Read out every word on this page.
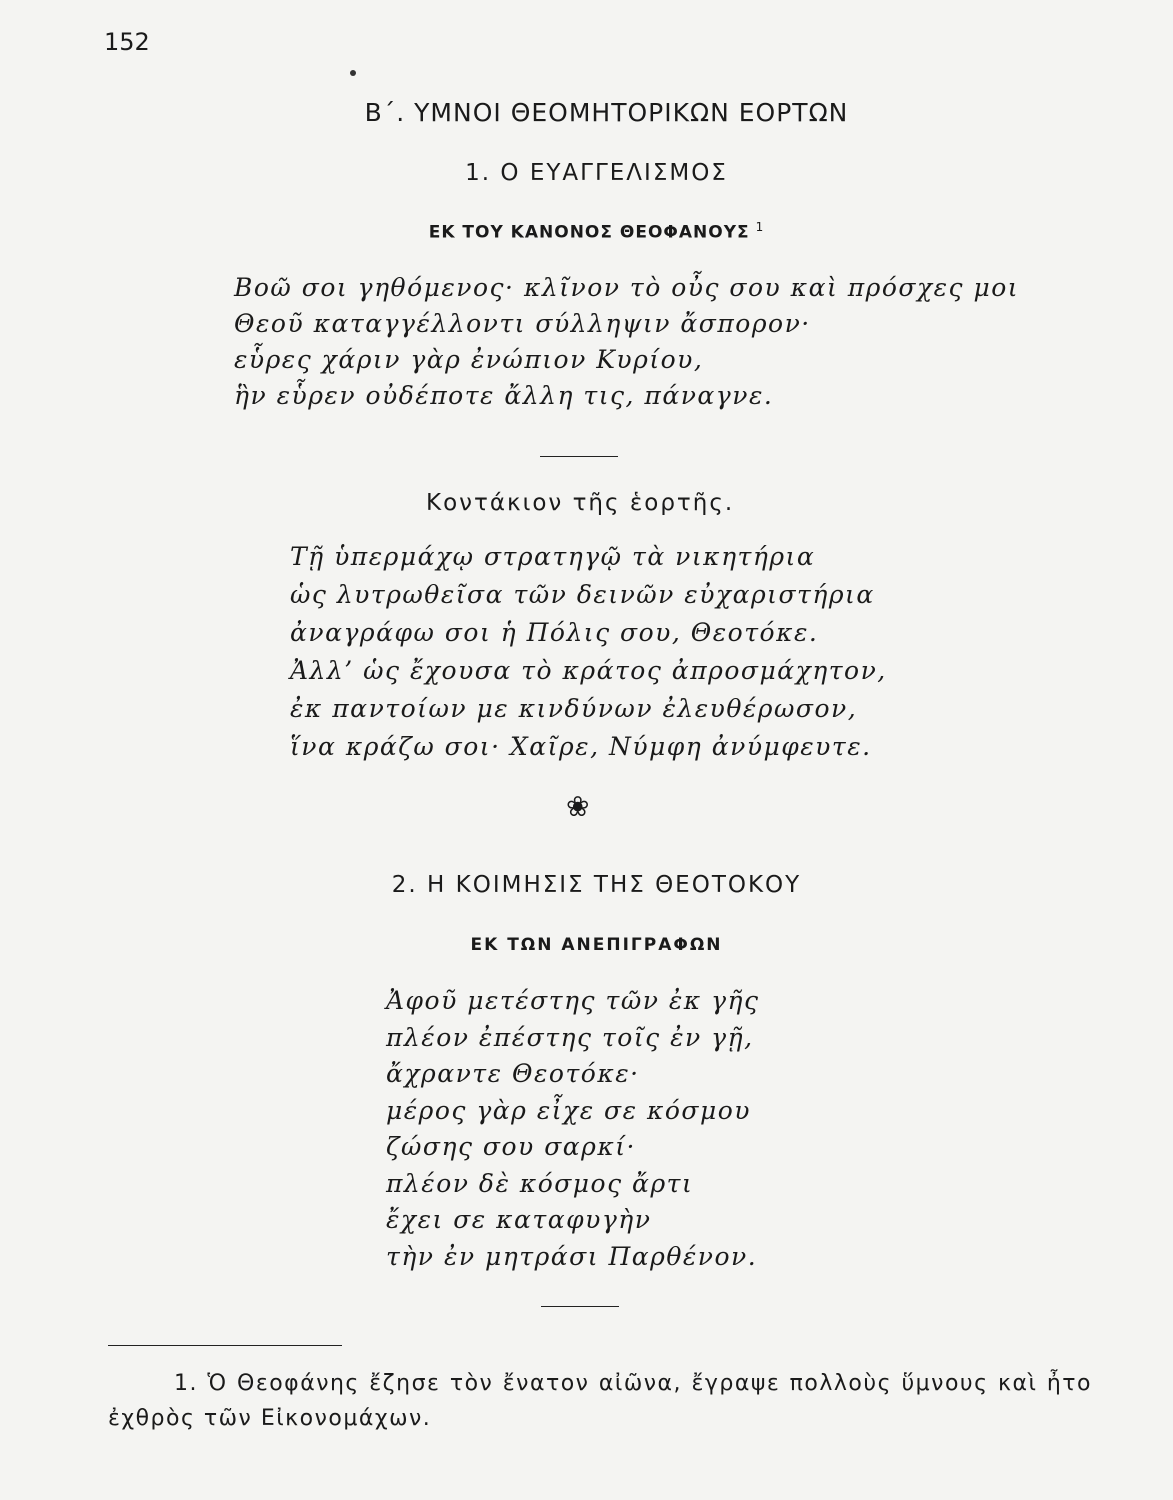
152
Β΄. ΥΜΝΟΙ ΘΕΟΜΗΤΟΡΙΚΩΝ ΕΟΡΤΩΝ
1. Ο ΕΥΑΓΓΕΛΙΣΜΟΣ
ΕΚ ΤΟΥ ΚΑΝΟΝΟΣ ΘΕΟΦΑΝΟΥΣ $^1$
Βοῶ σοι γηθόμενος· κλῖνον τὸ οὖς σου καὶ πρόσχες μοι
Θεοῦ καταγγέλλοντι σύλληψιν ἄσπορον·
εὗρες χάριν γὰρ ἐνώπιον Κυρίου,
ἣν εὗρεν οὐδέποτε ἄλλη τις, πάναγνε.
Κοντάκιον τῆς ἑορτῆς.
Τῇ ὑπερμάχῳ στρατηγῷ τὰ νικητήρια
ὡς λυτρωθεῖσα τῶν δεινῶν εὐχαριστήρια
ἀναγράφω σοι ἡ Πόλις σου, Θεοτόκε.
Ἀλλ’ ὡς ἔχουσα τὸ κράτος ἀπροσμάχητον,
ἐκ παντοίων με κινδύνων ἐλευθέρωσον,
ἵνα κράζω σοι· Χαῖρε, Νύμφη ἀνύμφευτε.
❀
2. Η ΚΟΙΜΗΣΙΣ ΤΗΣ ΘΕΟΤΟΚΟΥ
ΕΚ ΤΩΝ ΑΝΕΠΙΓΡΑΦΩΝ
Ἀφοῦ μετέστης τῶν ἐκ γῆς
πλέον ἐπέστης τοῖς ἐν γῇ,
ἄχραντε Θεοτόκε·
μέρος γὰρ εἶχε σε κόσμου
ζώσης σου σαρκί·
πλέον δὲ κόσμος ἄρτι
ἔχει σε καταφυγὴν
τὴν ἐν μητράσι Παρθένον.
1. Ὁ Θεοφάνης ἔζησε τὸν ἔνατον αἰῶνα, ἔγραψε πολλοὺς ὕμνους καὶ ἦτο ἐχθρὸς τῶν Εἰκονομάχων.
